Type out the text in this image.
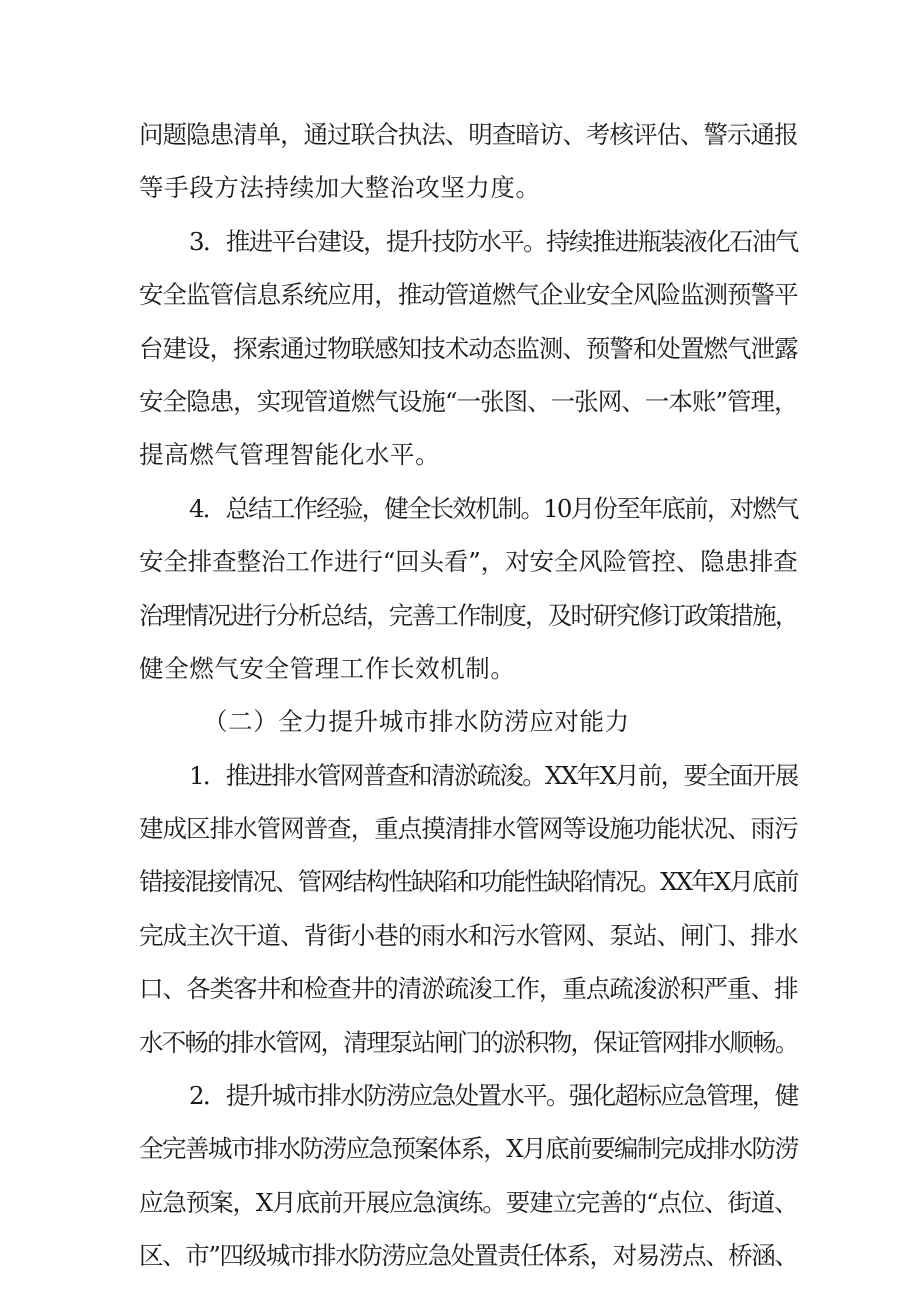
问题隐患清单，通过联合执法、明查暗访、考核评估、警示通报
等手段方法持续加大整治攻坚力度。
3．推进平台建设，提升技防水平。持续推进瓶装液化石油气
安全监管信息系统应用，推动管道燃气企业安全风险监测预警平
台建设，探索通过物联感知技术动态监测、预警和处置燃气泄露
安全隐患，实现管道燃气设施“一张图、一张网、一本账”管理，
提高燃气管理智能化水平。
4．总结工作经验，健全长效机制。10月份至年底前，对燃气
安全排查整治工作进行“回头看”，对安全风险管控、隐患排查
治理情况进行分析总结，完善工作制度，及时研究修订政策措施，
健全燃气安全管理工作长效机制。
（二）全力提升城市排水防涝应对能力
1．推进排水管网普查和清淤疏浚。XX年X月前，要全面开展
建成区排水管网普查，重点摸清排水管网等设施功能状况、雨污
错接混接情况、管网结构性缺陷和功能性缺陷情况。XX年X月底前
完成主次干道、背街小巷的雨水和污水管网、泵站、闸门、排水
口、各类客井和检查井的清淤疏浚工作，重点疏浚淤积严重、排
水不畅的排水管网，清理泵站闸门的淤积物，保证管网排水顺畅。
2．提升城市排水防涝应急处置水平。强化超标应急管理，健
全完善城市排水防涝应急预案体系，X月底前要编制完成排水防涝
应急预案，X月底前开展应急演练。要建立完善的“点位、街道、
区、市”四级城市排水防涝应急处置责任体系，对易涝点、桥涵、
